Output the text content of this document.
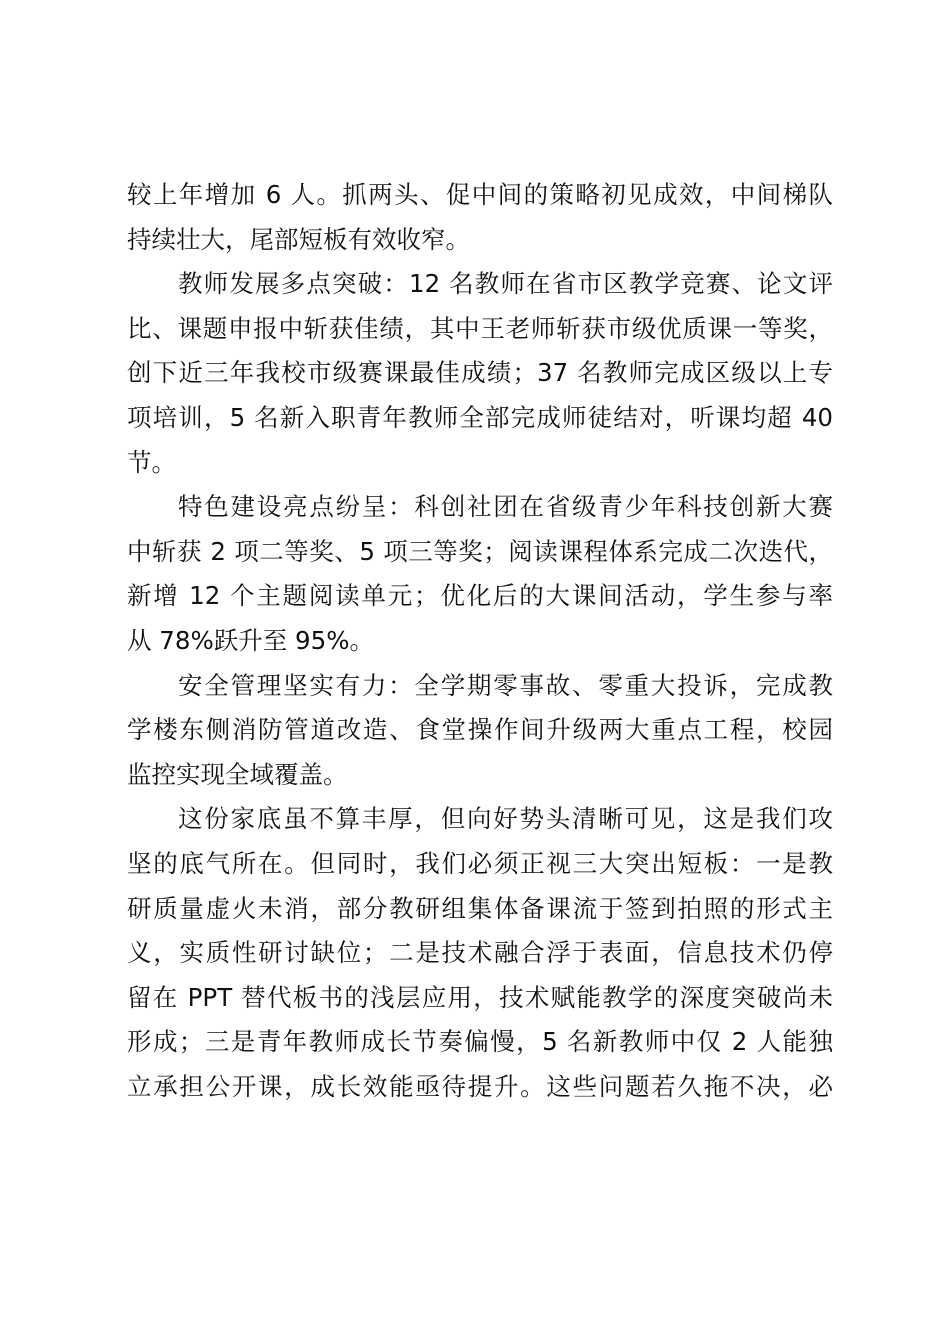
较上年增加 6 人。抓两头、促中间的策略初见成效，中间梯队
持续壮大，尾部短板有效收窄。
教师发展多点突破：12 名教师在省市区教学竞赛、论文评
比、课题申报中斩获佳绩，其中王老师斩获市级优质课一等奖，
创下近三年我校市级赛课最佳成绩；37 名教师完成区级以上专
项培训，5 名新入职青年教师全部完成师徒结对，听课均超 40
节。
特色建设亮点纷呈：科创社团在省级青少年科技创新大赛
中斩获 2 项二等奖、5 项三等奖；阅读课程体系完成二次迭代，
新增 12 个主题阅读单元；优化后的大课间活动，学生参与率
从 78%跃升至 95%。
安全管理坚实有力：全学期零事故、零重大投诉，完成教
学楼东侧消防管道改造、食堂操作间升级两大重点工程，校园
监控实现全域覆盖。
这份家底虽不算丰厚，但向好势头清晰可见，这是我们攻
坚的底气所在。但同时，我们必须正视三大突出短板：一是教
研质量虚火未消，部分教研组集体备课流于签到拍照的形式主
义，实质性研讨缺位；二是技术融合浮于表面，信息技术仍停
留在 PPT 替代板书的浅层应用，技术赋能教学的深度突破尚未
形成；三是青年教师成长节奏偏慢，5 名新教师中仅 2 人能独
立承担公开课，成长效能亟待提升。这些问题若久拖不决，必
